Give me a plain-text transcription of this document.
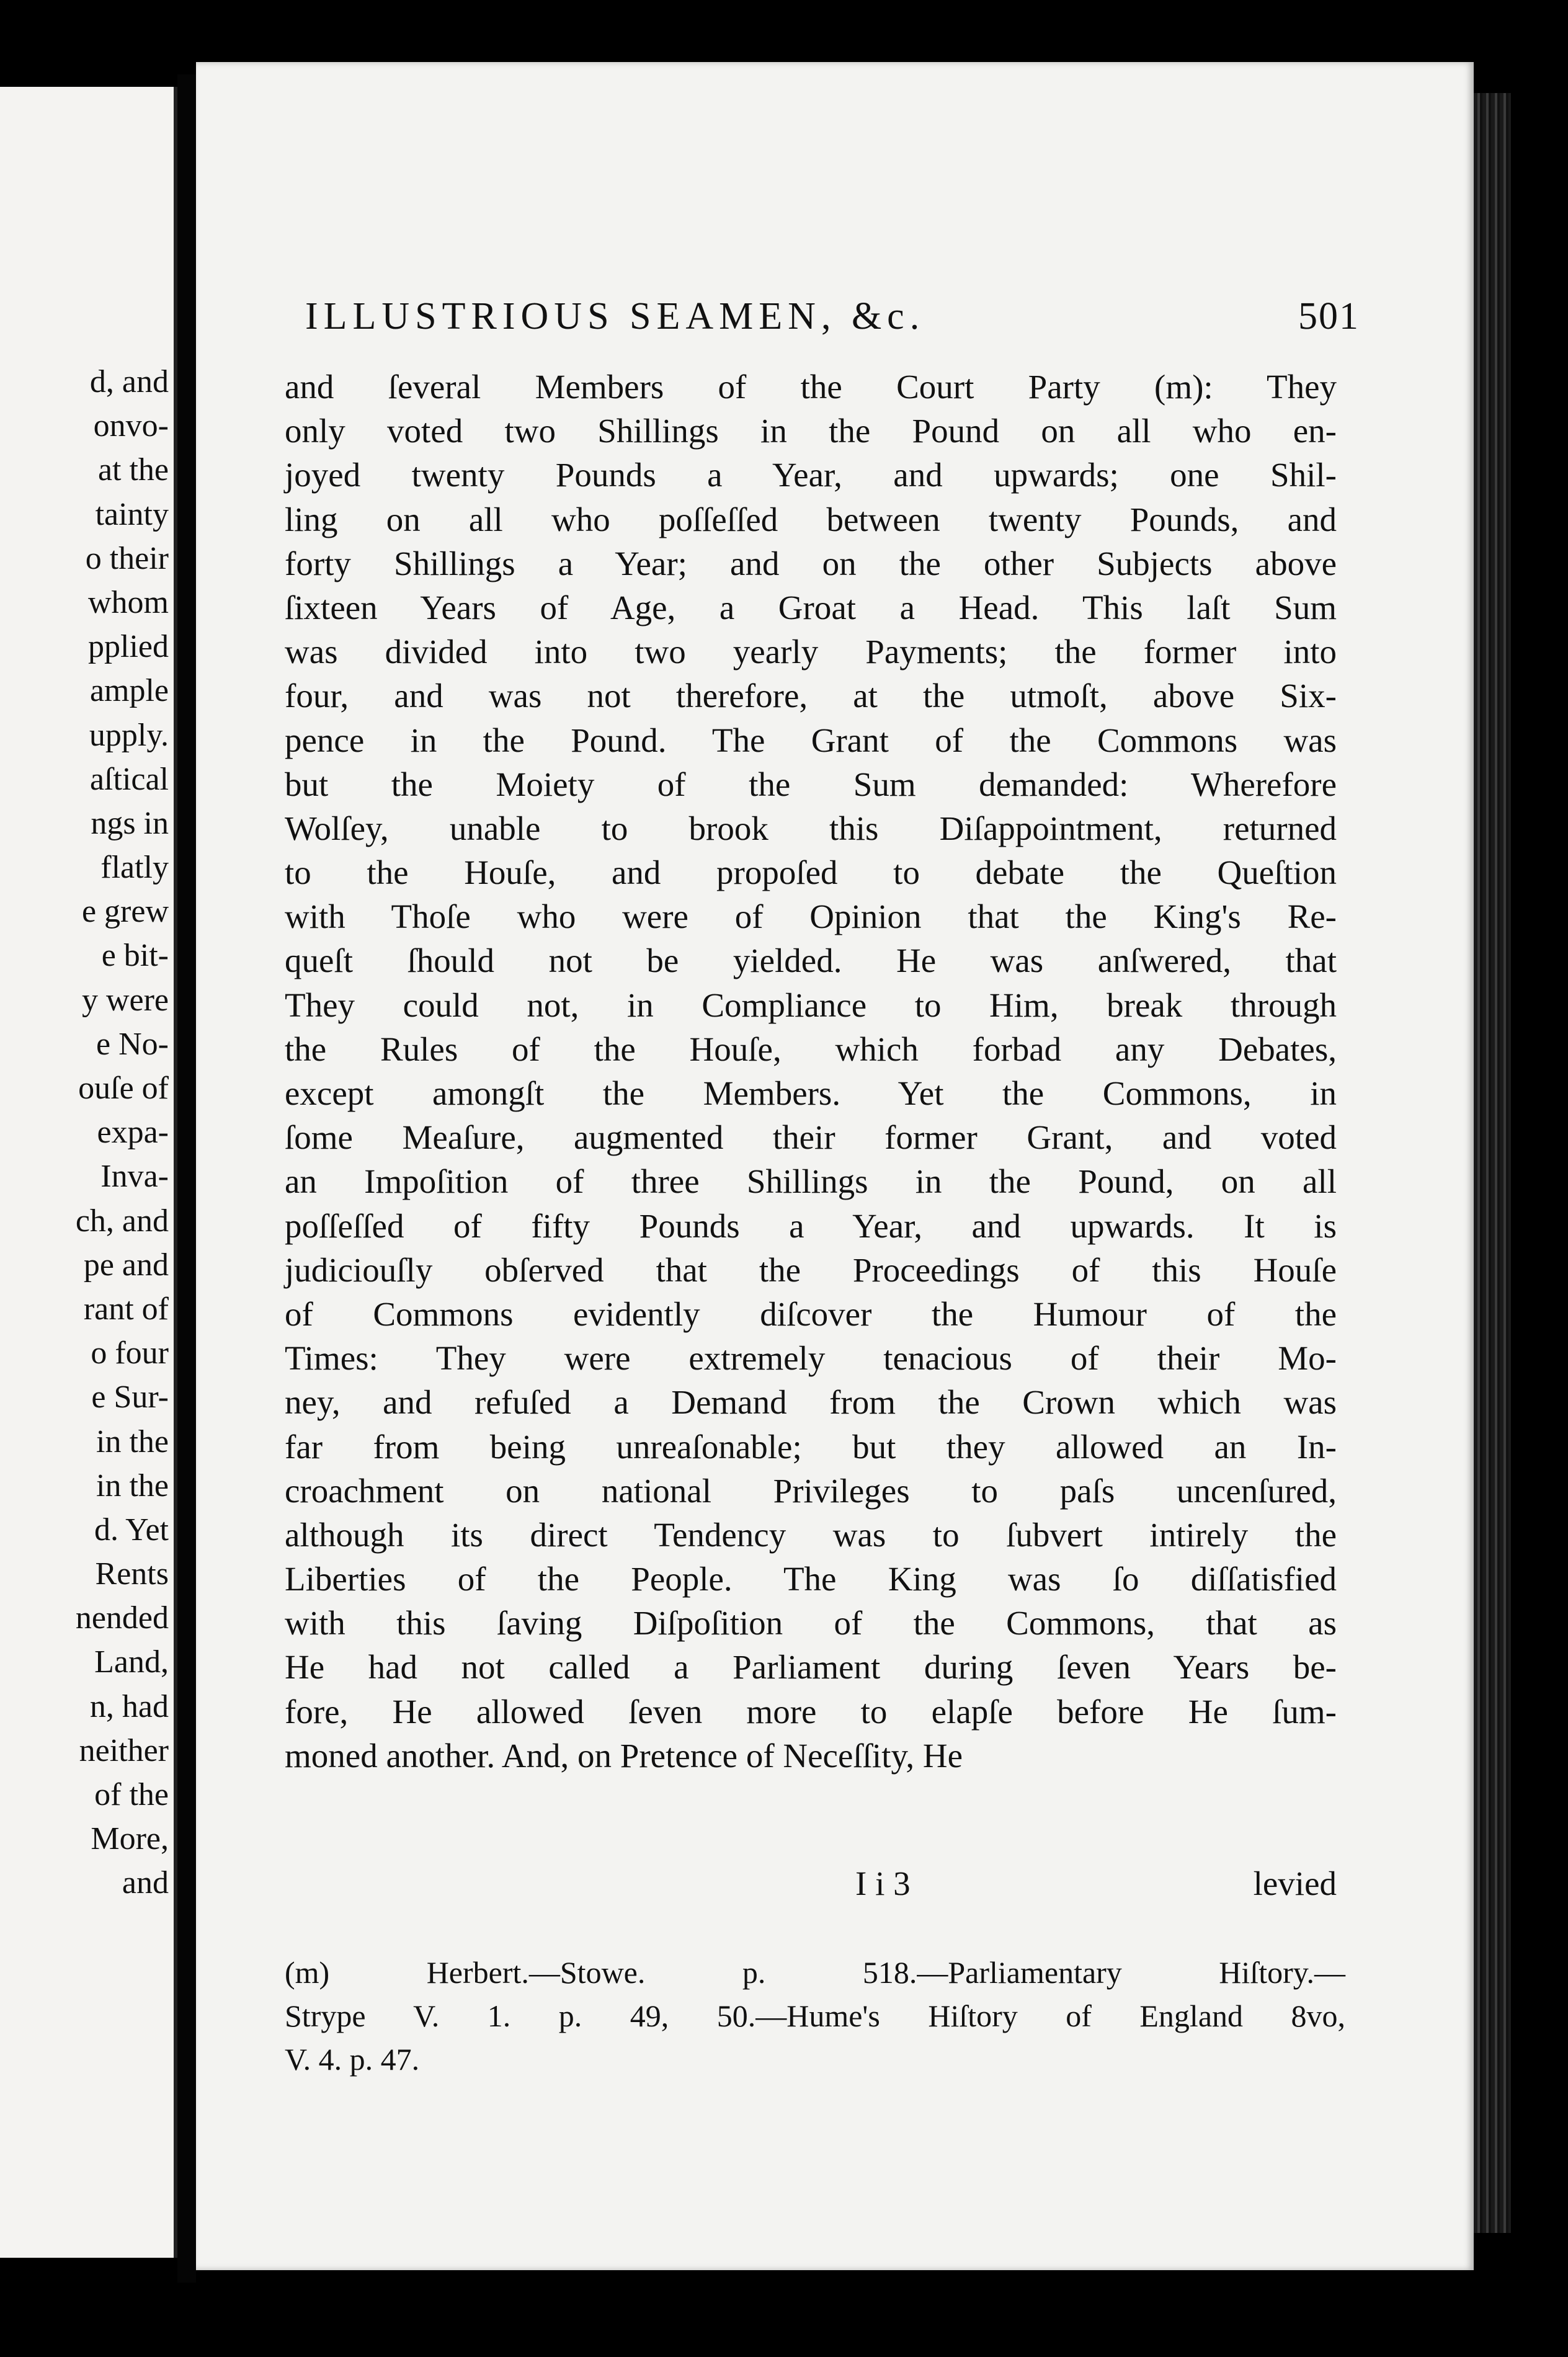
d, and
onvo-
at the
tainty
o their
whom
pplied
ample
upply.
aſtical
ngs in
flatly
e grew
e bit-
y were
e No-
ouſe of
expa-
Inva-
ch, and
pe and
rant of
o four
e Sur-
in the
in the
d. Yet
Rents
nended
Land,
n, had
neither
of the
More,
and
ILLUSTRIOUS SEAMEN, &c.	501
and ſeveral Members of the Court Party (m): They
only voted two Shillings in the Pound on all who en-
joyed twenty Pounds a Year, and upwards; one Shil-
ling on all who poſſeſſed between twenty Pounds, and
forty Shillings a Year; and on the other Subjects above
ſixteen Years of Age, a Groat a Head. This laſt Sum
was divided into two yearly Payments; the former into
four, and was not therefore, at the utmoſt, above Six-
pence in the Pound. The Grant of the Commons was
but the Moiety of the Sum demanded: Wherefore
Wolſey, unable to brook this Diſappointment, returned
to the Houſe, and propoſed to debate the Queſtion
with Thoſe who were of Opinion that the King's Re-
queſt ſhould not be yielded. He was anſwered, that
They could not, in Compliance to Him, break through
the Rules of the Houſe, which forbad any Debates,
except amongſt the Members. Yet the Commons, in
ſome Meaſure, augmented their former Grant, and voted
an Impoſition of three Shillings in the Pound, on all
poſſeſſed of fifty Pounds a Year, and upwards. It is
judiciouſly obſerved that the Proceedings of this Houſe
of Commons evidently diſcover the Humour of the
Times: They were extremely tenacious of their Mo-
ney, and refuſed a Demand from the Crown which was
far from being unreaſonable; but they allowed an In-
croachment on national Privileges to paſs uncenſured,
although its direct Tendency was to ſubvert intirely the
Liberties of the People. The King was ſo diſſatisfied
with this ſaving Diſpoſition of the Commons, that as
He had not called a Parliament during ſeven Years be-
fore, He allowed ſeven more to elapſe before He ſum-
moned another. And, on Pretence of Neceſſity, He
I i 3	levied
(m) Herbert.—Stowe. p. 518.—Parliamentary Hiſtory.—
Strype V. 1. p. 49, 50.—Hume's Hiſtory of England 8vo,
V. 4. p. 47.
